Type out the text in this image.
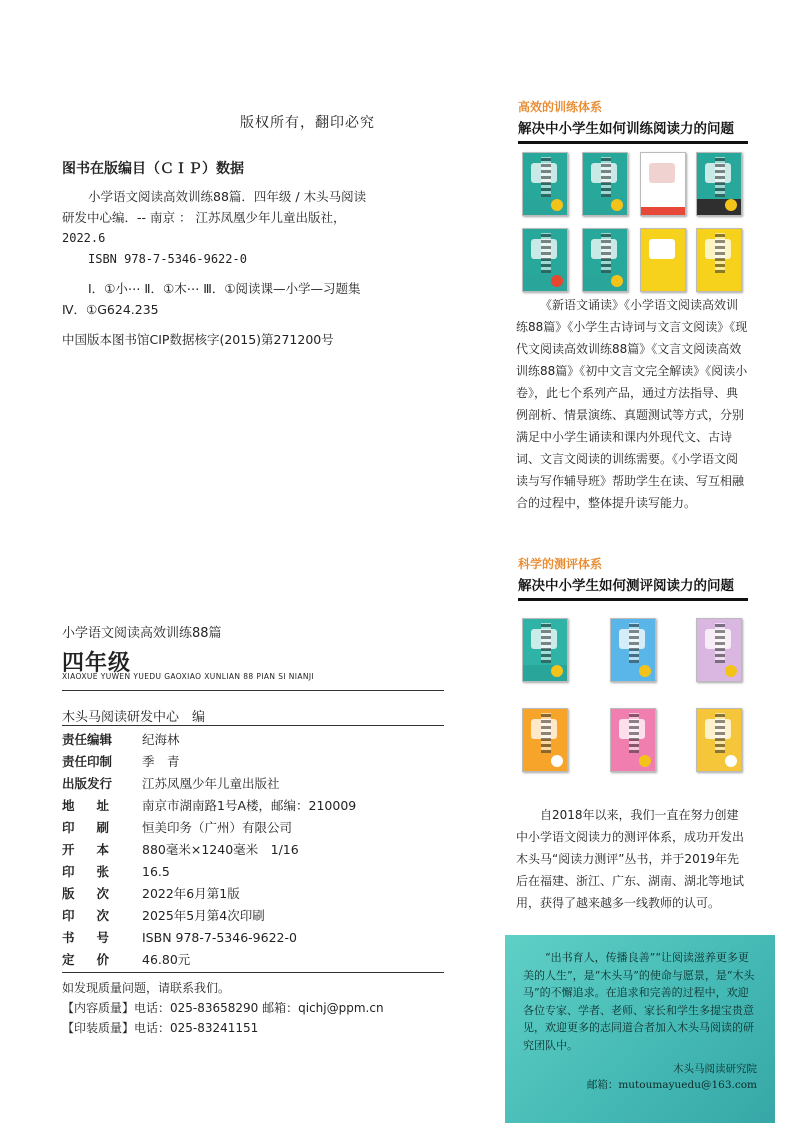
版权所有，翻印必究
图书在版编目（ＣＩＰ）数据
小学语文阅读高效训练88篇．四年级 / 木头马阅读
研发中心编．-- 南京 ： 江苏凤凰少年儿童出版社，
2022.6
ISBN 978-7-5346-9622-0
Ⅰ．①小⋯ Ⅱ．①木⋯ Ⅲ．①阅读课—小学—习题集
Ⅳ．①G624.235
中国版本图书馆CIP数据核字(2015)第271200号
小学语文阅读高效训练88篇
四年级
XIAOXUE YUWEN YUEDU GAOXIAO XUNLIAN 88 PIAN SI NIANJI
木头马阅读研发中心　编
责任编辑	纪海林
责任印制	季　青
出版发行	江苏凤凰少年儿童出版社
地址 南京市湖南路1号A楼，邮编：210009
印刷 恒美印务（广州）有限公司
开本 880毫米×1240毫米　1/16
印张 16.5
版次 2022年6月第1版
印次 2025年5月第4次印刷
书号 ISBN 978-7-5346-9622-0
定价 46.80元
如发现质量问题，请联系我们。
【内容质量】电话：025-83658290 邮箱：qichj@ppm.cn
【印装质量】电话：025-83241151
高效的训练体系
解决中小学生如何训练阅读力的问题
《新语文诵读》《小学语文阅读高效训练88篇》《小学生古诗词与文言文阅读》《现代文阅读高效训练88篇》《文言文阅读高效训练88篇》《初中文言文完全解读》《阅读小卷》，此七个系列产品，通过方法指导、典例剖析、情景演练、真题测试等方式，分别满足中小学生诵读和课内外现代文、古诗词、文言文阅读的训练需要。《小学语文阅读与写作辅导班》帮助学生在读、写互相融合的过程中，整体提升读写能力。
科学的测评体系
解决中小学生如何测评阅读力的问题
自2018年以来，我们一直在努力创建中小学语文阅读力的测评体系，成功开发出木头马“阅读力测评”丛书，并于2019年先后在福建、浙江、广东、湖南、湖北等地试用，获得了越来越多一线教师的认可。
“出书育人，传播良善”“让阅读滋养更多更美的人生”，是“木头马”的使命与愿景，是“木头马”的不懈追求。在追求和完善的过程中，欢迎各位专家、学者、老师、家长和学生多提宝贵意见，欢迎更多的志同道合者加入木头马阅读的研究团队中。
木头马阅读研究院
邮箱：mutoumayuedu@163.com
